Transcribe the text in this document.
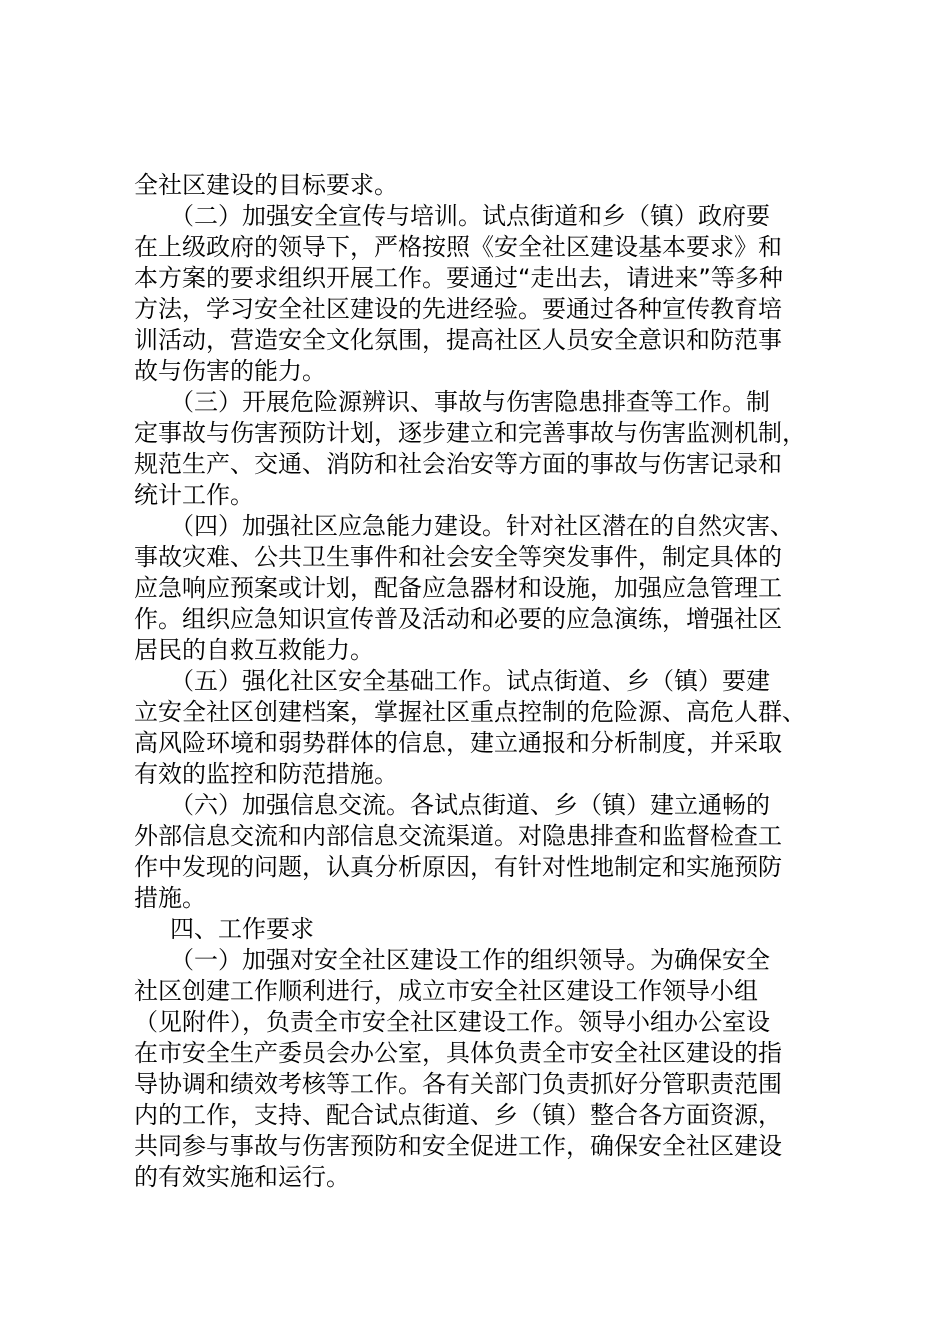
全社区建设的目标要求。
（二）加强安全宣传与培训。试点街道和乡（镇）政府要
在上级政府的领导下，严格按照《安全社区建设基本要求》和
本方案的要求组织开展工作。要通过“走出去，请进来”等多种
方法，学习安全社区建设的先进经验。要通过各种宣传教育培
训活动，营造安全文化氛围，提高社区人员安全意识和防范事
故与伤害的能力。
（三）开展危险源辨识、事故与伤害隐患排查等工作。制
定事故与伤害预防计划，逐步建立和完善事故与伤害监测机制，
规范生产、交通、消防和社会治安等方面的事故与伤害记录和
统计工作。
（四）加强社区应急能力建设。针对社区潜在的自然灾害、
事故灾难、公共卫生事件和社会安全等突发事件，制定具体的
应急响应预案或计划，配备应急器材和设施，加强应急管理工
作。组织应急知识宣传普及活动和必要的应急演练，增强社区
居民的自救互救能力。
（五）强化社区安全基础工作。试点街道、乡（镇）要建
立安全社区创建档案，掌握社区重点控制的危险源、高危人群、
高风险环境和弱势群体的信息，建立通报和分析制度，并采取
有效的监控和防范措施。
（六）加强信息交流。各试点街道、乡（镇）建立通畅的
外部信息交流和内部信息交流渠道。对隐患排查和监督检查工
作中发现的问题，认真分析原因，有针对性地制定和实施预防
措施。
四、工作要求
（一）加强对安全社区建设工作的组织领导。为确保安全
社区创建工作顺利进行，成立市安全社区建设工作领导小组
（见附件），负责全市安全社区建设工作。领导小组办公室设
在市安全生产委员会办公室，具体负责全市安全社区建设的指
导协调和绩效考核等工作。各有关部门负责抓好分管职责范围
内的工作，支持、配合试点街道、乡（镇）整合各方面资源，
共同参与事故与伤害预防和安全促进工作，确保安全社区建设
的有效实施和运行。
